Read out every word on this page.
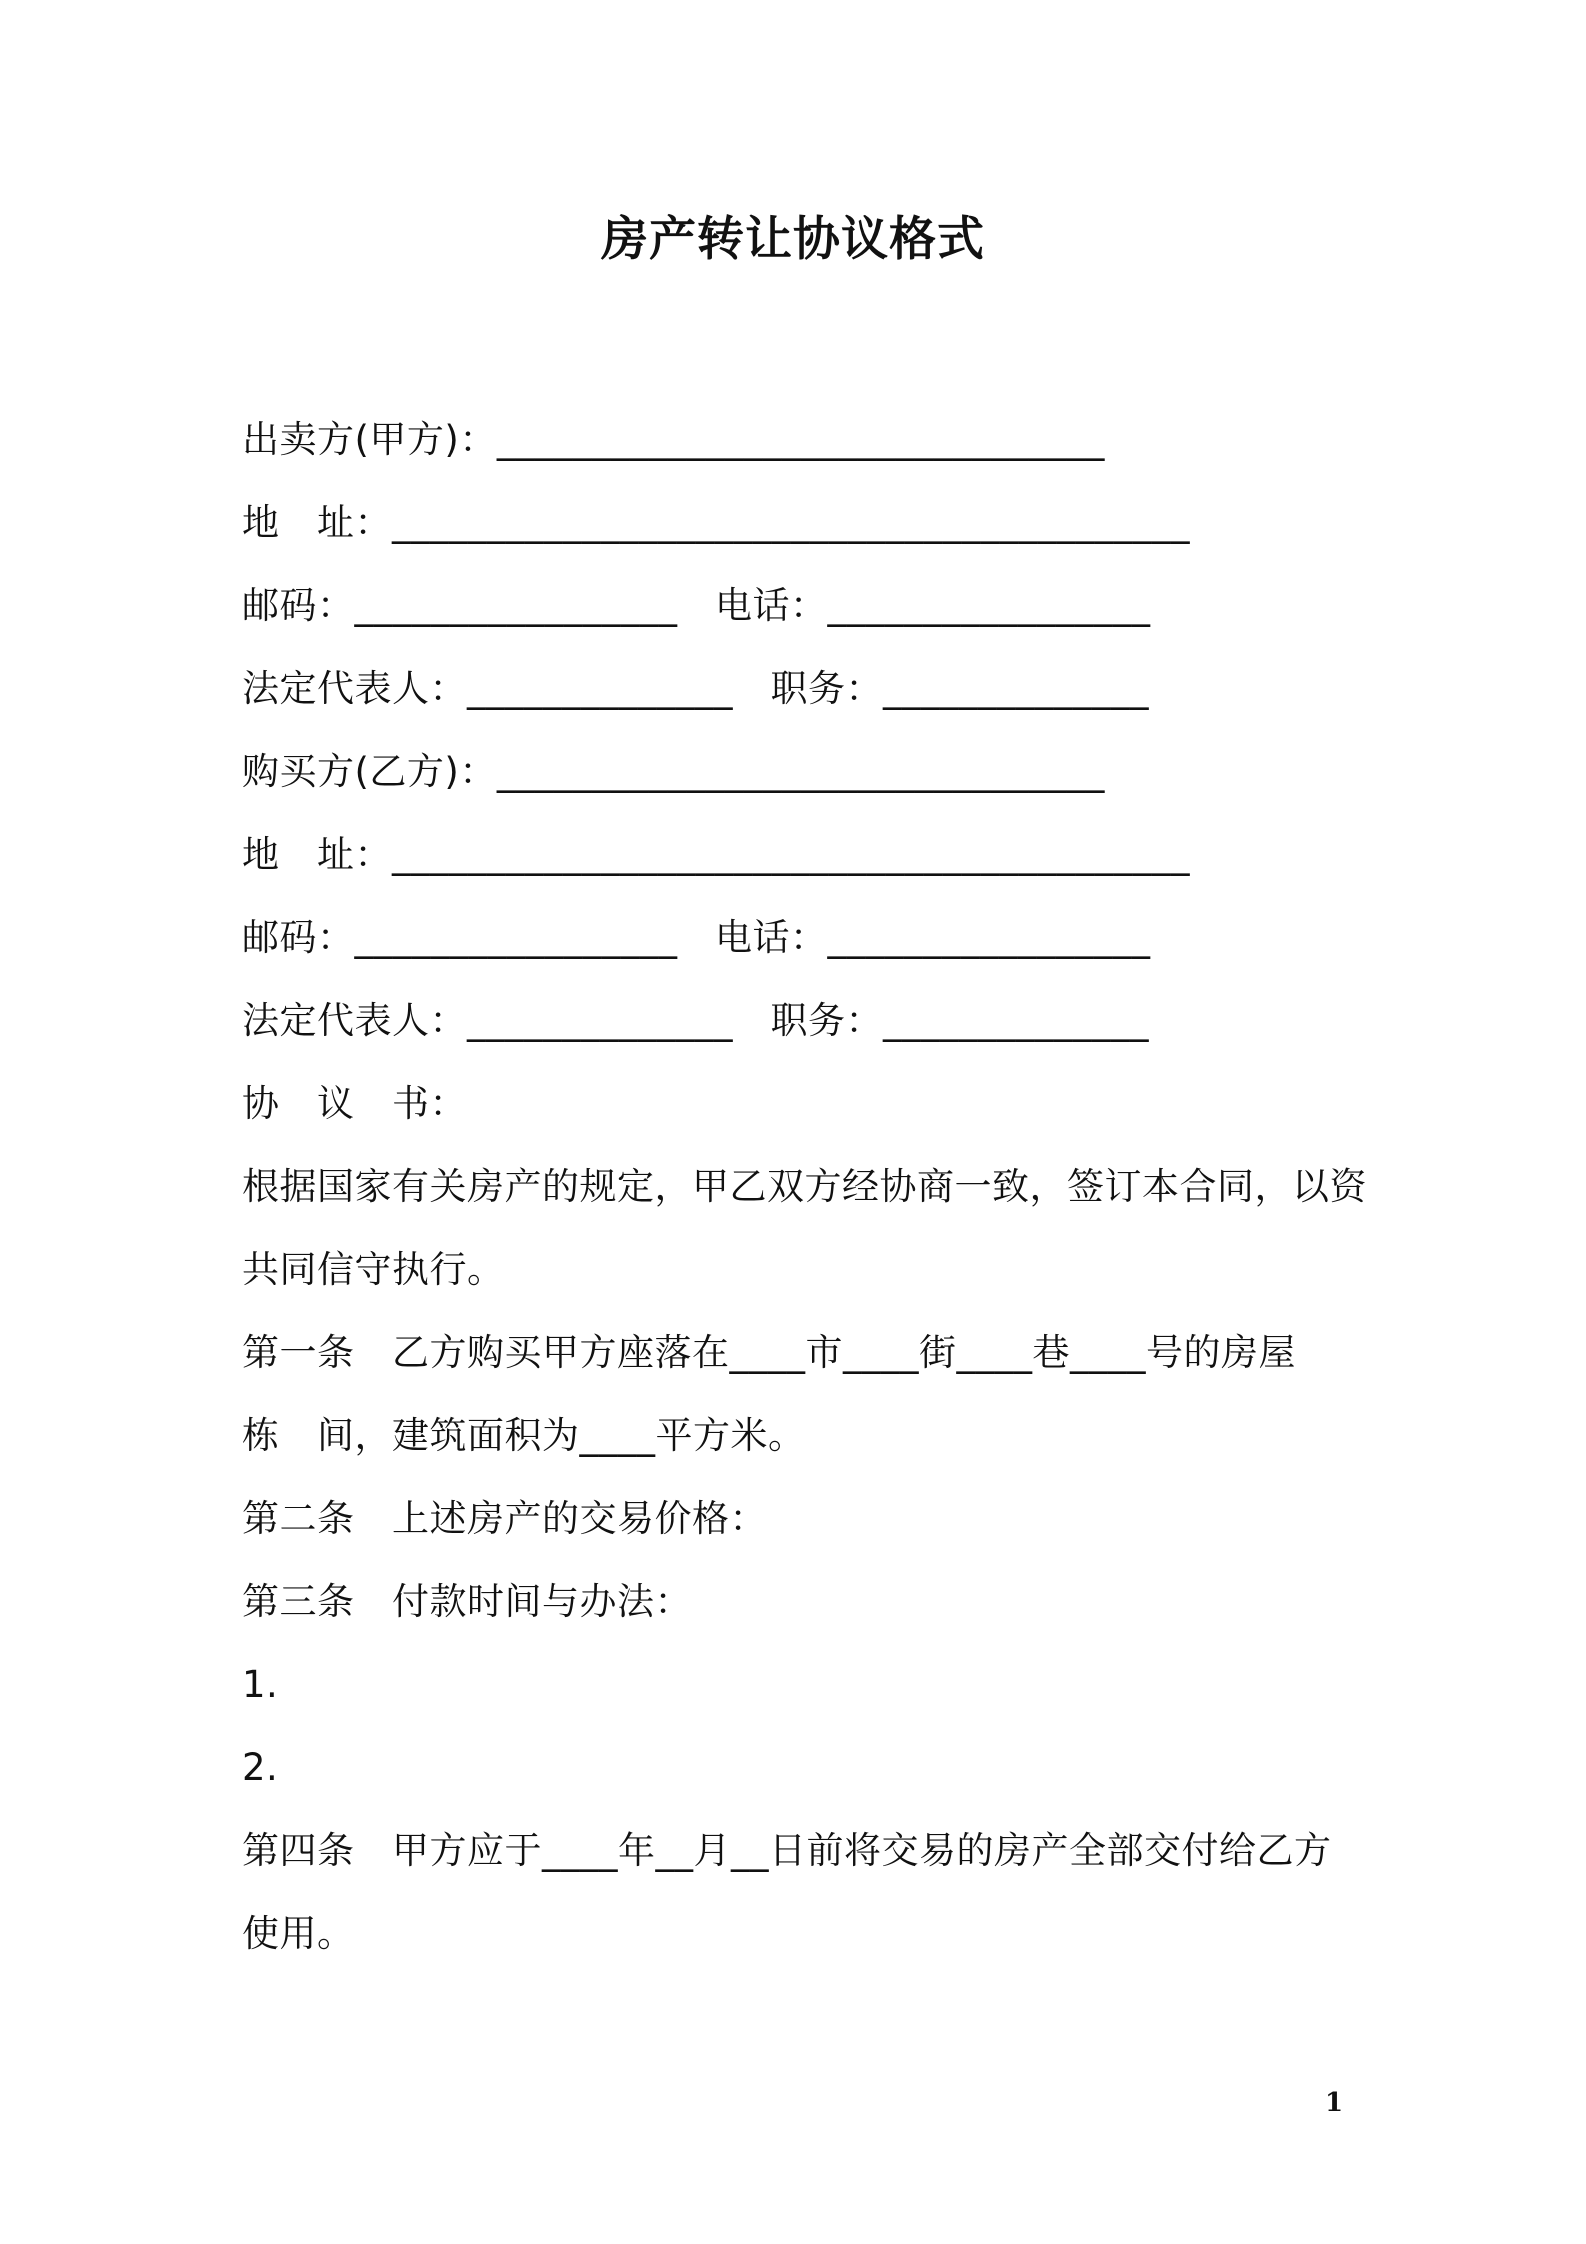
房产转让协议格式
出卖方(甲方)：________________________________
地　址：__________________________________________
邮码：_________________　电话：_________________
法定代表人：______________　职务：______________
购买方(乙方)：________________________________
地　址：__________________________________________
邮码：_________________　电话：_________________
法定代表人：______________　职务：______________
协　议　书：
根据国家有关房产的规定，甲乙双方经协商一致，签订本合同，以资
共同信守执行。
第一条　乙方购买甲方座落在____市____街____巷____号的房屋
栋　间，建筑面积为____平方米。
第二条　上述房产的交易价格：
第三条　付款时间与办法：
1.
2.
第四条　甲方应于____年__月__日前将交易的房产全部交付给乙方
使用。
1
